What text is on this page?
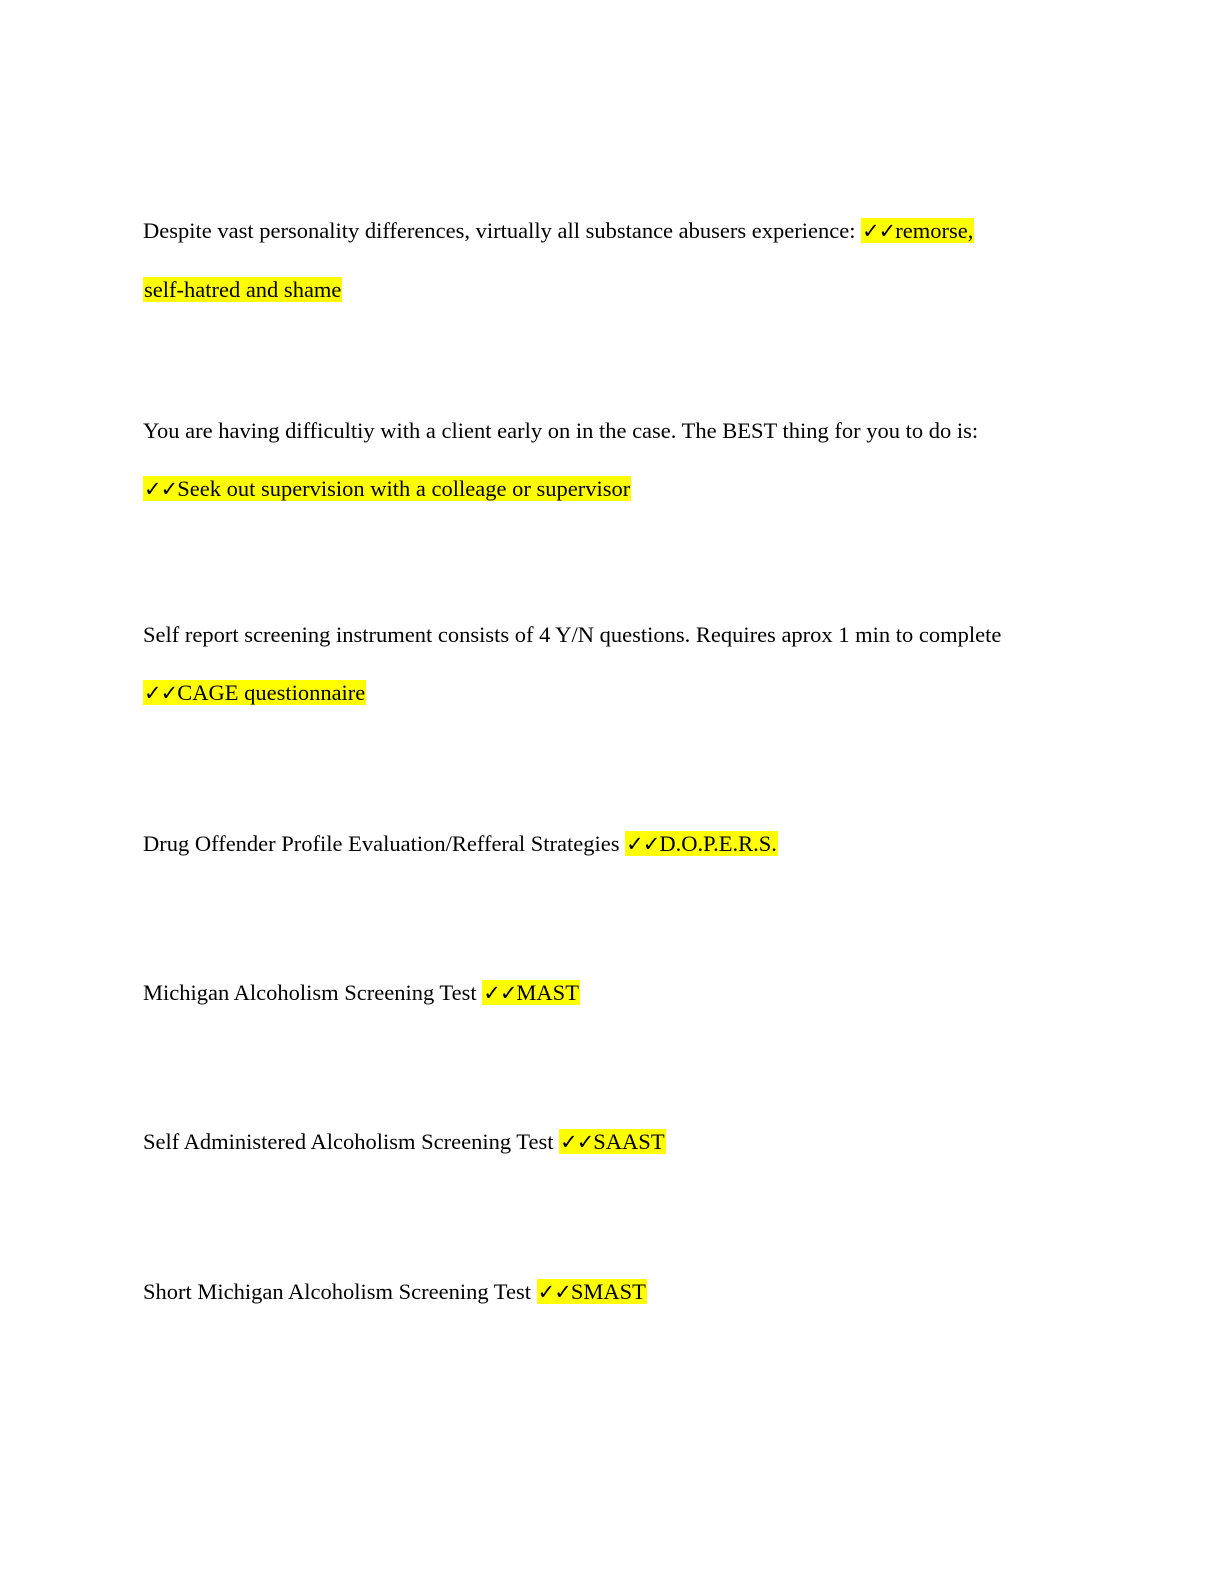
Despite vast personality differences, virtually all substance abusers experience: ✓✓remorse,
self-hatred and shame
You are having difficultiy with a client early on in the case. The BEST thing for you to do is:
✓✓Seek out supervision with a colleage or supervisor
Self report screening instrument consists of 4 Y/N questions. Requires aprox 1 min to complete
✓✓CAGE questionnaire
Drug Offender Profile Evaluation/Refferal Strategies ✓✓D.O.P.E.R.S.
Michigan Alcoholism Screening Test ✓✓MAST
Self Administered Alcoholism Screening Test ✓✓SAAST
Short Michigan Alcoholism Screening Test ✓✓SMAST
